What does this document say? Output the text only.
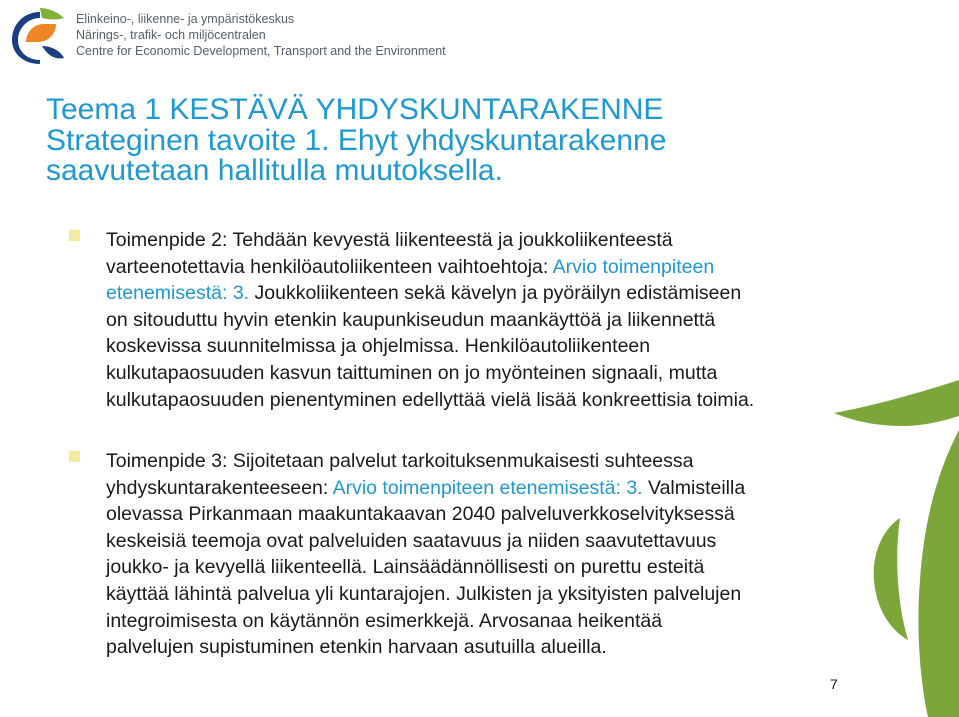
Elinkeino-, liikenne- ja ympäristökeskus
Närings-, trafik- och miljöcentralen
Centre for Economic Development, Transport and the Environment
Teema 1 KESTÄVÄ YHDYSKUNTARAKENNE
Strateginen tavoite 1. Ehyt yhdyskuntarakenne
saavutetaan hallitulla muutoksella.
Toimenpide 2: Tehdään kevyestä liikenteestä ja joukkoliikenteestä
varteenotettavia henkilöautoliikenteen vaihtoehtoja: Arvio toimenpiteen
etenemisestä: 3. Joukkoliikenteen sekä kävelyn ja pyöräilyn edistämiseen
on sitouduttu hyvin etenkin kaupunkiseudun maankäyttöä ja liikennettä
koskevissa suunnitelmissa ja ohjelmissa. Henkilöautoliikenteen
kulkutapaosuuden kasvun taittuminen on jo myönteinen signaali, mutta
kulkutapaosuuden pienentyminen edellyttää vielä lisää konkreettisia toimia.
Toimenpide 3: Sijoitetaan palvelut tarkoituksenmukaisesti suhteessa
yhdyskuntarakenteeseen: Arvio toimenpiteen etenemisestä: 3. Valmisteilla
olevassa Pirkanmaan maakuntakaavan 2040 palveluverkkoselvityksessä
keskeisiä teemoja ovat palveluiden saatavuus ja niiden saavutettavuus
joukko- ja kevyellä liikenteellä. Lainsäädännöllisesti on purettu esteitä
käyttää lähintä palvelua yli kuntarajojen. Julkisten ja yksityisten palvelujen
integroimisesta on käytännön esimerkkejä. Arvosanaa heikentää
palvelujen supistuminen etenkin harvaan asutuilla alueilla.
7
